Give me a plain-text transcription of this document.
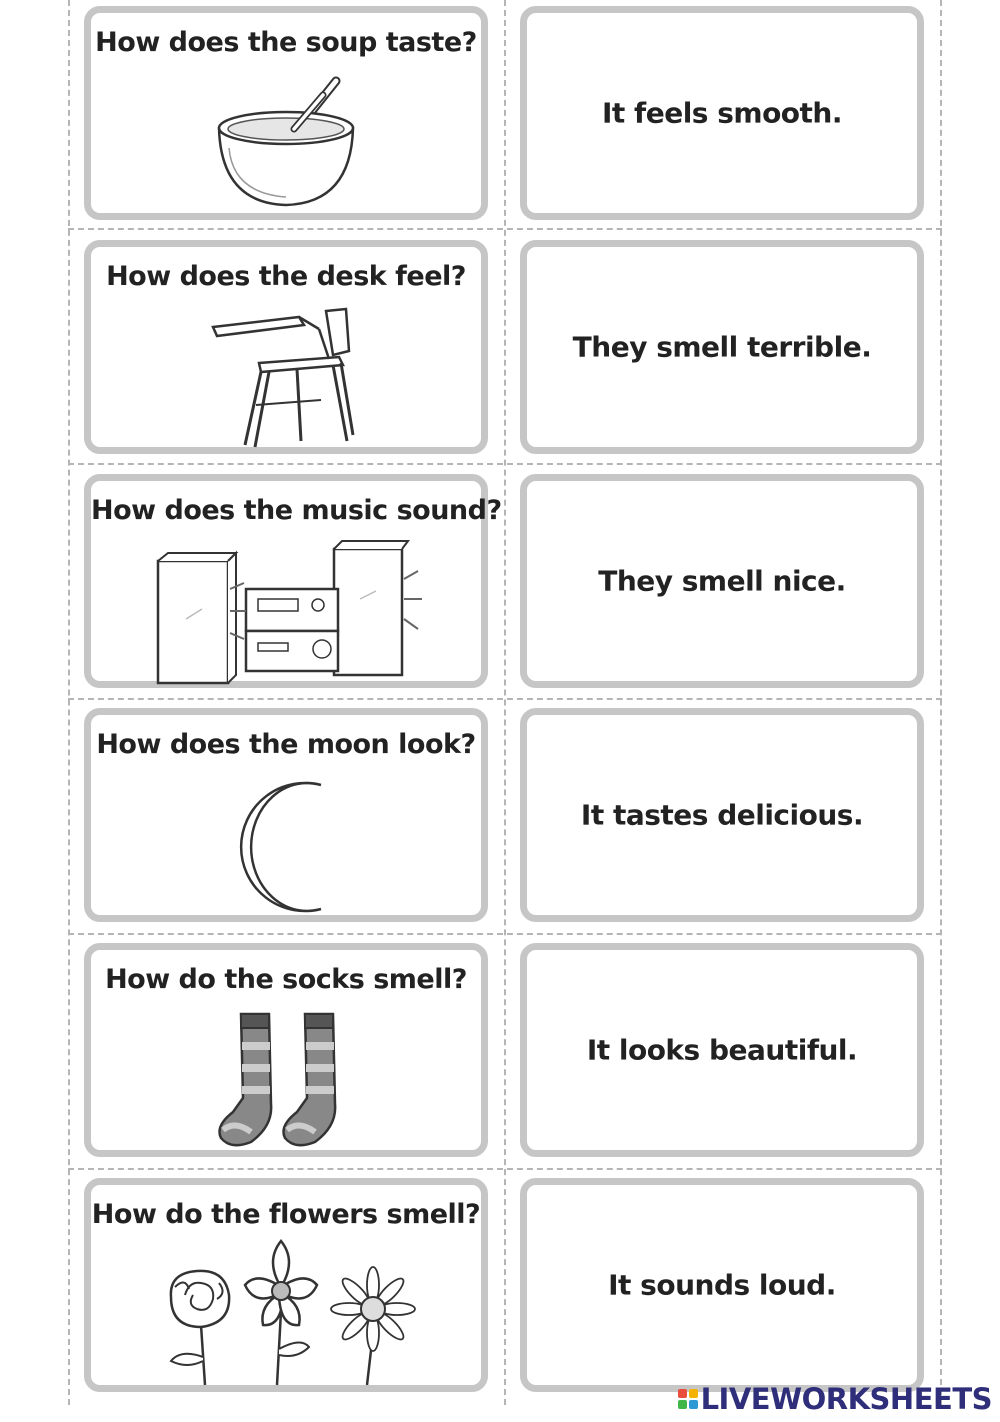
How does the soup taste?
It feels smooth.
How does the desk feel?
They smell terrible.
How does the music sound?
They smell nice.
How does the moon look?
It tastes delicious.
How do the socks smell?
It looks beautiful.
How do the flowers smell?
It sounds loud.
LIVEWORKSHEETS
